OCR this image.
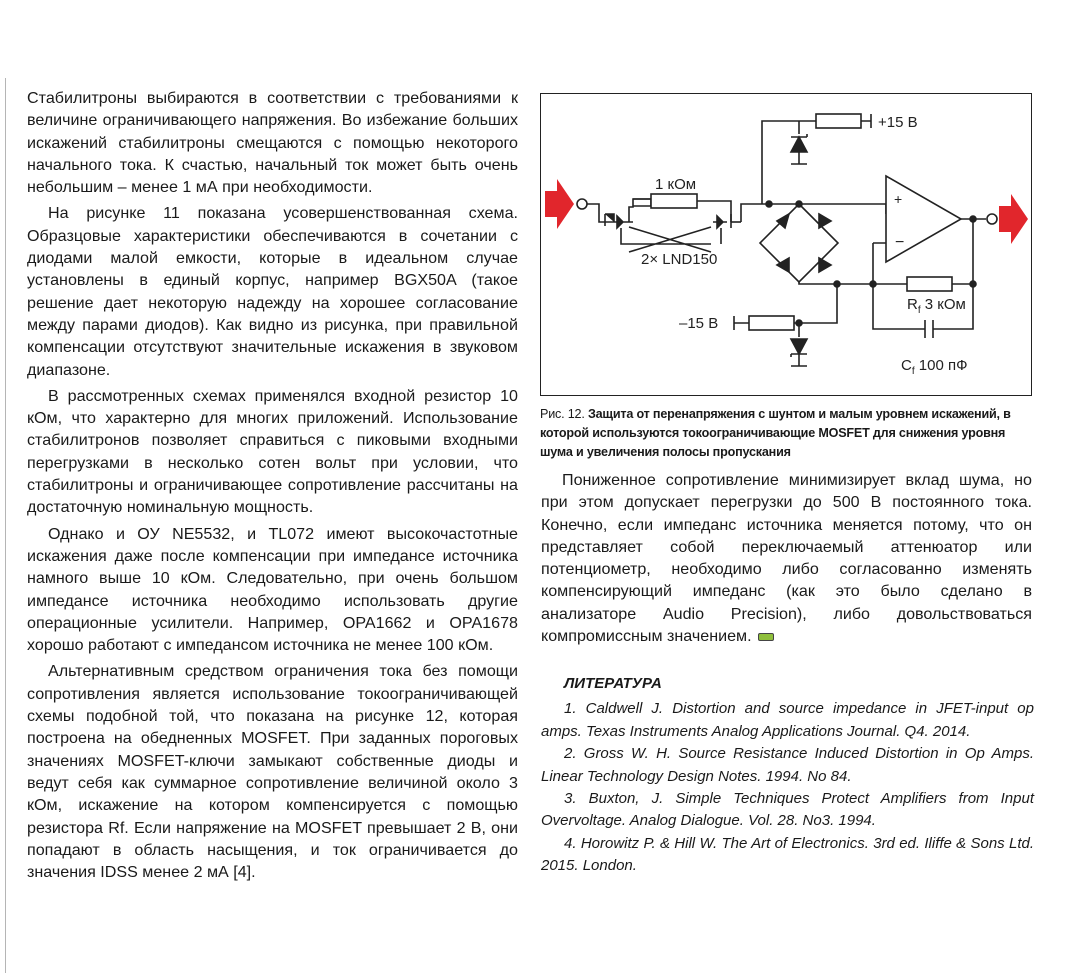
Стабилитроны выбираются в соответствии с требованиями к величине ограничивающего напряжения. Во избежание больших искажений стабилитроны смещаются с помощью некоторого начального тока. К счастью, начальный ток может быть очень небольшим – менее 1 мА при необходимости.

На рисунке 11 показана усовершенствованная схема. Образцовые характеристики обеспечиваются в сочетании с диодами малой емкости, которые в идеальном случае установлены в единый корпус, например BGX50A (такое решение дает некоторую надежду на хорошее согласование между парами диодов). Как видно из рисунка, при правильной компенсации отсутствуют значительные искажения в звуковом диапазоне.

В рассмотренных схемах применялся входной резистор 10 кОм, что характерно для многих приложений. Использование стабилитронов позволяет справиться с пиковыми входными перегрузками в несколько сотен вольт при условии, что стабилитроны и ограничивающее сопротивление рассчитаны на достаточную номинальную мощность.

Однако и ОУ NE5532, и TL072 имеют высокочастотные искажения даже после компенсации при импедансе источника намного выше 10 кОм. Следовательно, при очень большом импедансе источника необходимо использовать другие операционные усилители. Например, OPA1662 и OPA1678 хорошо работают с импедансом источника не менее 100 кОм.

Альтернативным средством ограничения тока без помощи сопротивления является использование токоограничивающей схемы подобной той, что показана на рисунке 12, которая построена на обедненных MOSFET. При заданных пороговых значениях MOSFET-ключи замыкают собственные диоды и ведут себя как суммарное сопротивление величиной около 3 кОм, искажение на котором компенсируется с помощью резистора Rf. Если напряжение на MOSFET превышает 2 В, они попадают в область насыщения, и ток ограничивается до значения IDSS менее 2 мА [4].

1 кОм
2× LND150
+15 В
+
−
$R_f$ 3 кОм
$C_f$ 100 пФ
–15 В
Рис. 12. Защита от перенапряжения с шунтом и малым уровнем искажений, в которой используются токоограничивающие MOSFET для снижения уровня шума и увеличения полосы пропускания

Пониженное сопротивление минимизирует вклад шума, но при этом допускает перегрузки до 500 В постоянного тока. Конечно, если импеданс источника меняется потому, что он представляет собой переключаемый аттенюатор или потенциометр, необходимо либо согласованно изменять компенсирующий импеданс (как это было сделано в анализаторе Audio Precision), либо довольствоваться компромиссным значением.

ЛИТЕРАТУРА

1. Caldwell J. Distortion and source impedance in JFET-input op amps. Texas Instruments Analog Applications Journal. Q4. 2014.

2. Gross W. H. Source Resistance Induced Distortion in Op Amps. Linear Technology Design Notes. 1994. No 84.

3. Buxton, J. Simple Techniques Protect Amplifiers from Input Overvoltage. Analog Dialogue. Vol. 28. No3. 1994.

4. Horowitz P. & Hill W. The Art of Electronics. 3rd ed. Iliffe & Sons Ltd. 2015. London.
